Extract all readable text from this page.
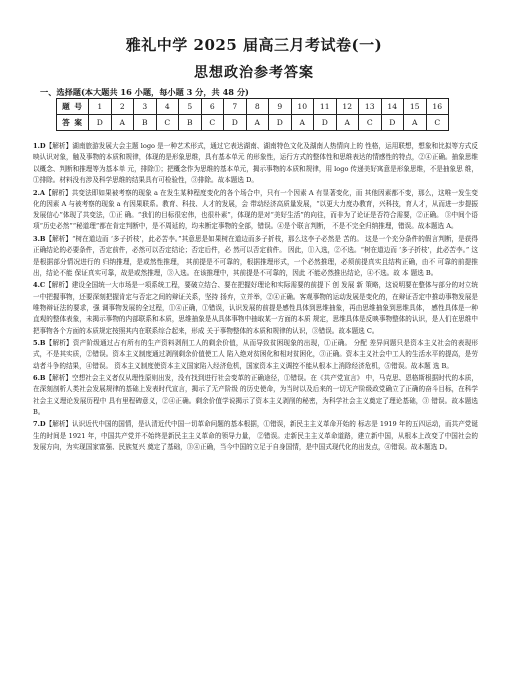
雅礼中学 2025 届高三月考试卷(一)
思想政治参考答案
一、选择题(本大题共 16 小题，每小题 3 分，共 48 分)
题 号	1	2	3	4	5	6	7	8	9	10	11	12	13	14	15	16
答 案	D	A	B	C	B	C	D	A	D	A	D	A	C	D	A	C

1.D【解析】湖南旅游发展大会主题 logo 是一种艺术形式，通过它表达湖南、湖南特色文化及湖南人热情向上的 性格，运用联想，想象和比拟等方式反映认识对象，触及事物的本质和规律，体现的是形象思维，具有基本单元 的形象性，运行方式的整体性和思维表达的情感性的特点，②④正确。抽象思维以概念、判断和推理等为基本单 元，排除①；把概念作为思维的基本单元，揭示事物的本质和规律，用 logo 传递美好寓意是形象思维，不是抽象思 维，①排除。材料没有涉及科学思维的结果具有可检验性，③排除。故本题选 D。

2.A【解析】共变法即如果被考察的现象 a 在发生某种程度变化的各个场合中，只有一个因素 A 有显著变化，而 其他因素都不变，那么，这唯一发生变化的因素 A 与被考察的现象 a 有因果联系。教育、科技、人才的发展，会 带动经济高质量发展，“以更大力度办教育，兴科技，育人才，从而进一步提振发展信心”体现了共变法，①正 确。“我们的目标很宏伟，也很朴素”，体现的是对“美好生活”的向往，而非为了论证是否符合需要，②正确。 ③中间个语项“历史必然”“秘道理”都在肯定判断中，是不周延的，均未断定事物的全部，错误。④是个联言判断， 不是不完全归纳推理，错误。故本题选 A。

3.B【解析】“树在道边而 ‘多子折枝’，此必苦李。”其意思是如果树在道边而多子折枝，那么这李子必然是 苦的。 这是一个充分条件的假言判断，是获得正确结论的必要条件，否定前件，必然可以否定结论；否定后件，必 然可以否定前件。 因此，①入选，②不选。“树在道边而 ‘多子折枝’，此必苦李。” 这是根据部分情况进行的 归纳推理，是或然性推理， 其前提是不可靠的，根据推理形式，一个必然推理，必须前提真实且结构正确，由不 可靠的前提推出，结论不能 保证真实可靠，故是或然推理，③入选。在该推理中，其前提是不可靠的，因此 不能必然推出结论，④不选。故 本 题选 B。

4.C【解析】建设全国统一大市场是一项系统工程，要破立结合、要在把握好理论和实际需要的前提下 创 发展 新 策略，这说明要在整体与部分的对立统一中把握事物，还要深刻把握肯定与否定之间的辩证关系，坚持 扬弃，立并举，②④正确。客观事物的运动发展是变化的，在辩证否定中推动事物发展是唯物辩证法的要求，强 调事物发展的全过程，①④正确，①错误，认识发展的前提是感性具体到思维抽象，再由思维抽象到思维具体， 感性具体是一种直观的整体表象，未揭示事物的内部联系和本质，思维抽象是从具体事物中抽取某一方面的本质 规定，思维具体是反映事物整体的认识，是人们在思维中把事物各个方面的本质规定按照其内在联系综合起来，形成 关于事物整体的本质和规律的认识，③错误。故本题选 C。

5.B【解析】资产阶级通过占有所有的生产资料剥削工人的剩余价值，从而导致贫困现象的出现，①正确。 分配 差异问题只是资本主义社会的表现形式，不是其实质，②错误。资本主义制度通过剥削剩余价值使工人 陷入绝对贫困化和相对贫困化，③正确。资本主义社会中工人的生活水平的提高，是劳动者斗争的结果，④错误。 资本主义制度使资本主义国家陷入经济危机，国家资本主义调控不能从根本上消除经济危机，⑤错误。故本题 选 B。

6.B【解析】空想社会主义者仅从理性原则出发，没有找到进行社会变革的正确途径，①错误。在《共产党宣言》 中，马克思、恩格斯根据时代的本质，在深刻剖析人类社会发展规律的基础上发表时代宣言，揭示了无产阶级 的历史使命，为当时以及后来的一切无产阶级政党确立了正确的奋斗目标，在科学社会主义理论发展历程中 具有里程碑意义，②④正确。剩余价值学说揭示了资本主义剥削的秘密，为科学社会主义奠定了理论基础，③ 错误。故本题选 B。

7.D【解析】认识近代中国的国情，是认清近代中国一切革命问题的基本根据，①错误，新民主主义革命开始的 标志是 1919 年的五四运动，而共产党诞生的时间是 1921 年，中国共产党并不始终是新民主主义革命的领导力量， ②错误。走新民主主义革命道路，建立新中国，从根本上改变了中国社会的发展方向，为实现国家富强、民族复兴 奠定了基础，③④正确，当今中国的立足于自身国情，是中国式现代化的出发点，④错误。故本题选 D。
